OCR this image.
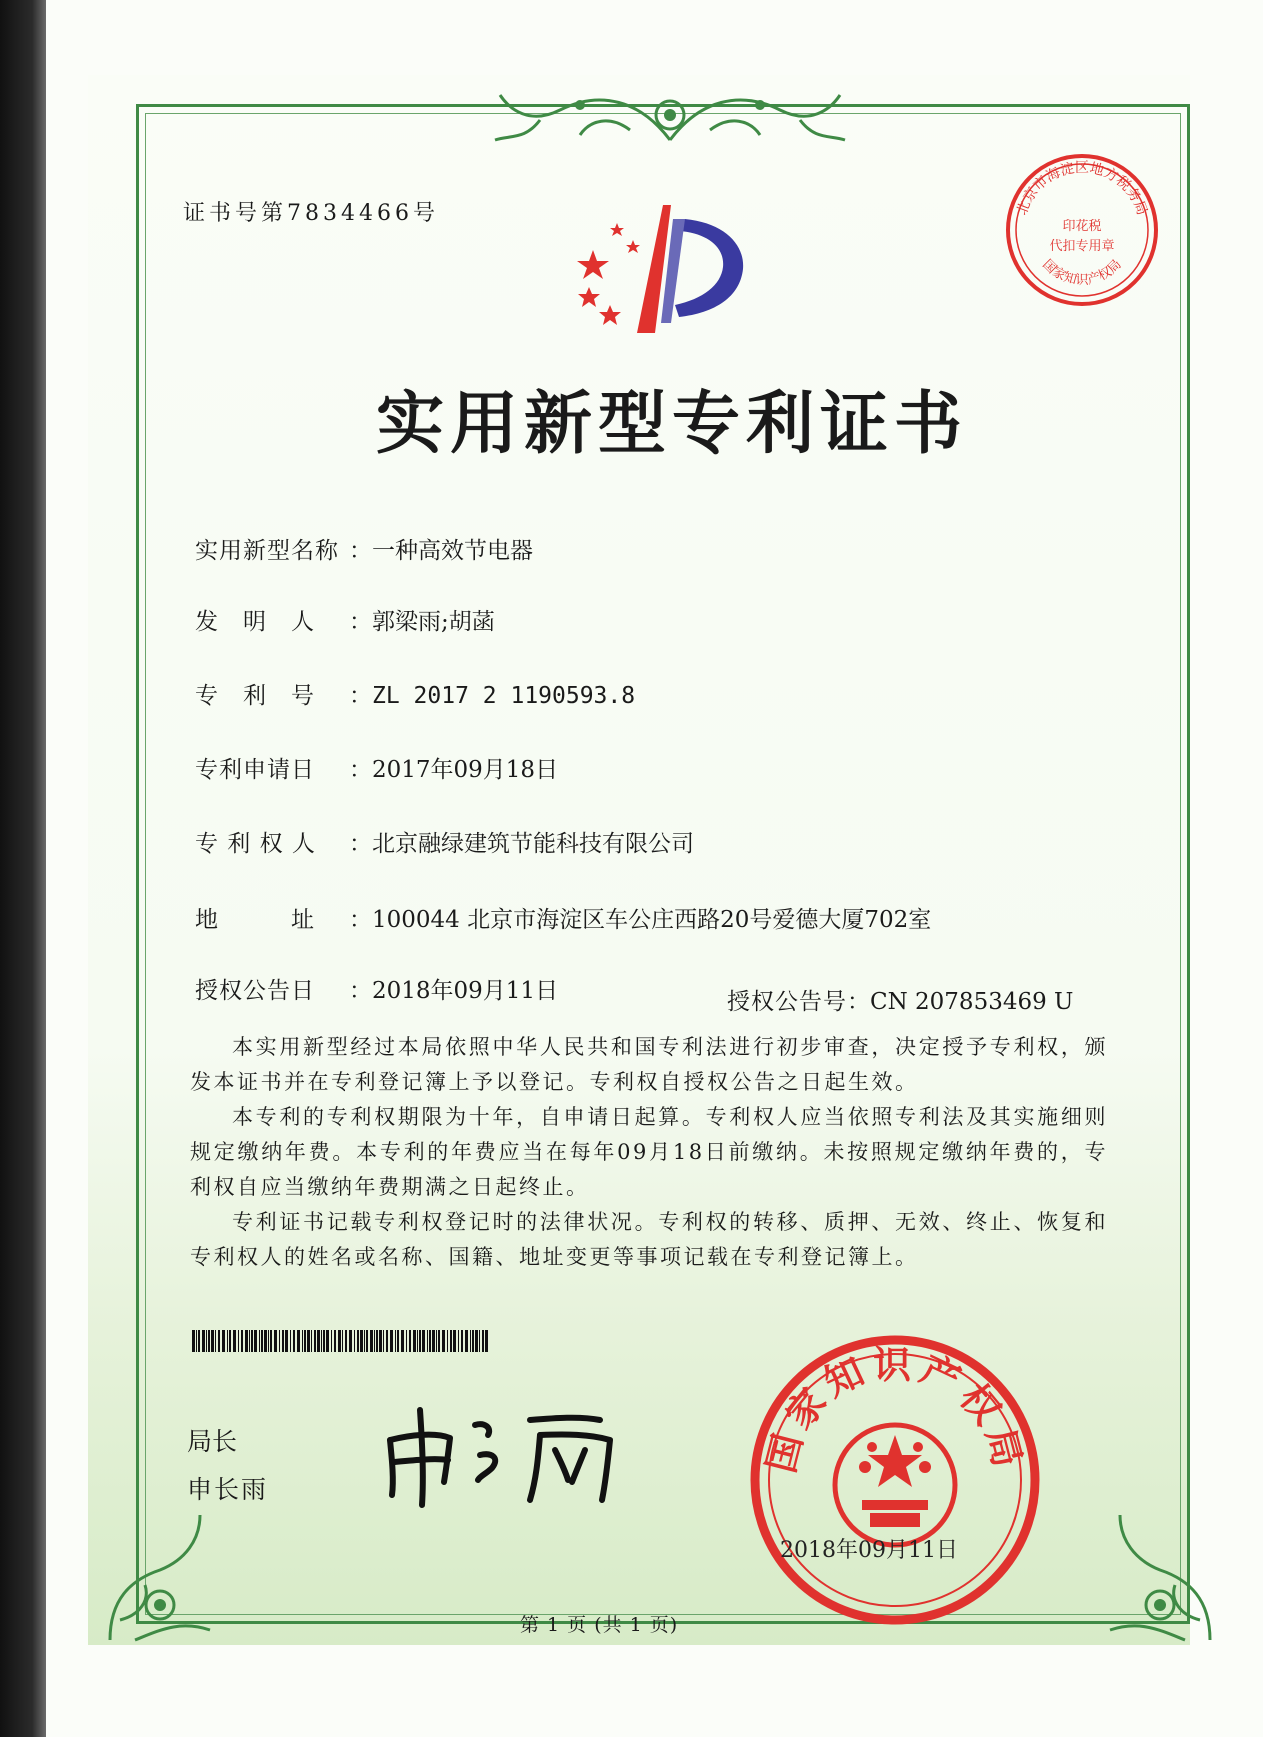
北京市海淀区地方税务局
印花税
代扣专用章
国家知识产权局
证书号第7834466号
实用新型专利证书
实用新型名称 ：一种高效节电器
发　明　人 ：郭梁雨;胡菡
专　利　号 ：ZL 2017 2 1190593.8
专利申请日 ：2017年09月18日
专 利 权 人 ：北京融绿建筑节能科技有限公司
地　　　址 ：100044 北京市海淀区车公庄西路20号爱德大厦702室
授权公告日 ：2018年09月11日	授权公告号：CN 207853469 U

本实用新型经过本局依照中华人民共和国专利法进行初步审查，决定授予专利权，颁发本证书并在专利登记簿上予以登记。专利权自授权公告之日起生效。

本专利的专利权期限为十年，自申请日起算。专利权人应当依照专利法及其实施细则规定缴纳年费。本专利的年费应当在每年09月18日前缴纳。未按照规定缴纳年费的，专利权自应当缴纳年费期满之日起终止。

专利证书记载专利权登记时的法律状况。专利权的转移、质押、无效、终止、恢复和专利权人的姓名或名称、国籍、地址变更等事项记载在专利登记簿上。

局长
申长雨
国家知识产权局
2018年09月11日
第 1 页 (共 1 页)
